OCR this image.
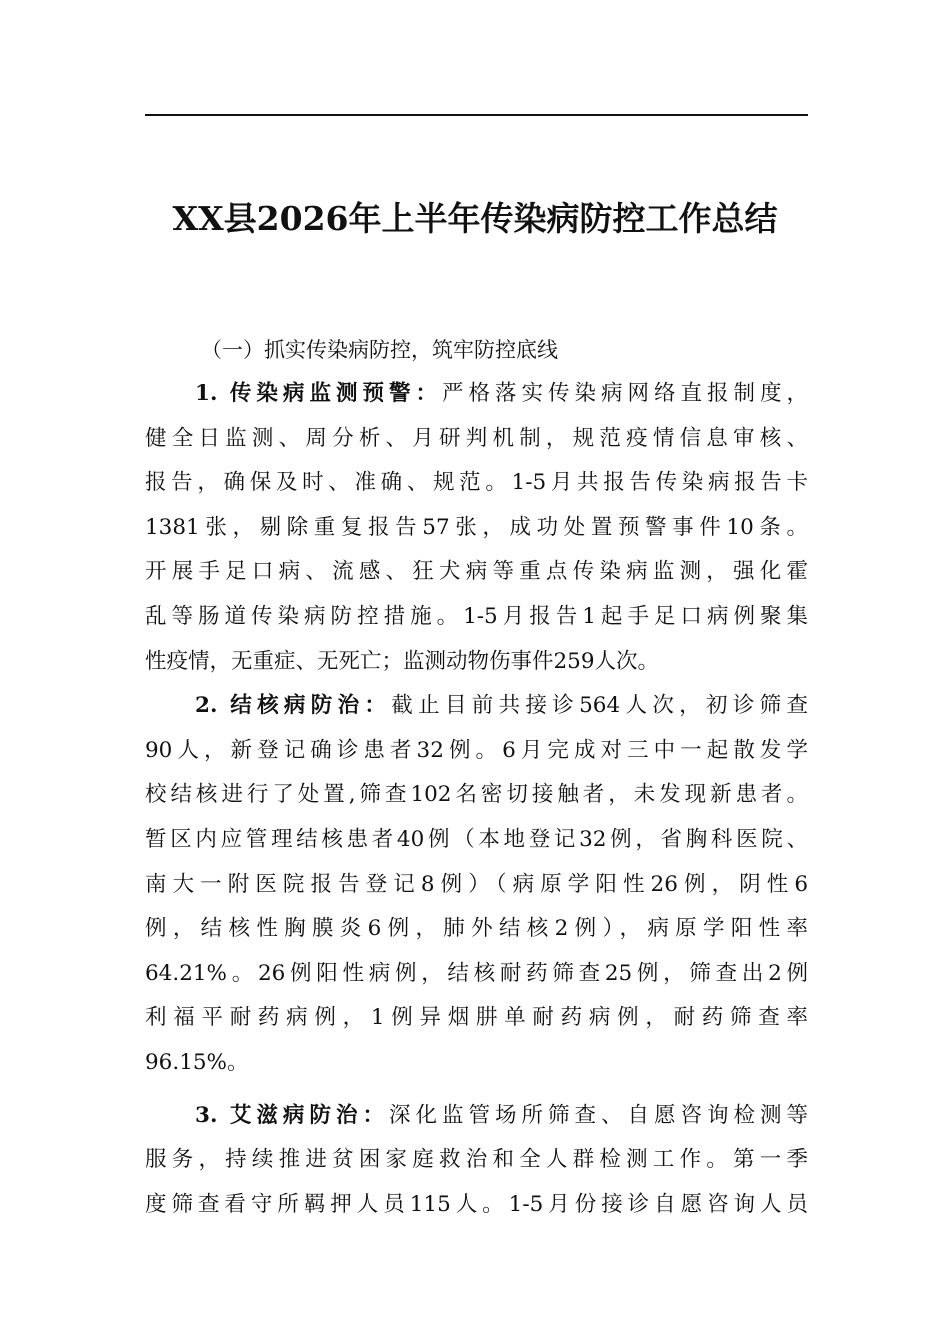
XX县2026年上半年传染病防控工作总结

（一）抓实传染病防控，筑牢防控底线

1. 传染病监测预警：严格落实传染病网络直报制度，

健全日监测、周分析、月研判机制，规范疫情信息审核、

报告，确保及时、准确、规范。1-5月共报告传染病报告卡

1381张，剔除重复报告57张，成功处置预警事件10条。

开展手足口病、流感、狂犬病等重点传染病监测，强化霍

乱等肠道传染病防控措施。1-5月报告1起手足口病例聚集

性疫情，无重症、无死亡；监测动物伤事件259人次。

2. 结核病防治：截止目前共接诊564人次，初诊筛查

90人，新登记确诊患者32例。6月完成对三中一起散发学

校结核进行了处置,筛查102名密切接触者，未发现新患者。

暂区内应管理结核患者40例（本地登记32例，省胸科医院、

南大一附医院报告登记8例）（病原学阳性26例，阴性6

例，结核性胸膜炎6例，肺外结核2例），病原学阳性率

64.21%。26例阳性病例，结核耐药筛查25例，筛查出2例

利福平耐药病例，1例异烟肼单耐药病例，耐药筛查率

96.15%。

3. 艾滋病防治：深化监管场所筛查、自愿咨询检测等

服务，持续推进贫困家庭救治和全人群检测工作。第一季

度筛查看守所羁押人员115人。1-5月份接诊自愿咨询人员
